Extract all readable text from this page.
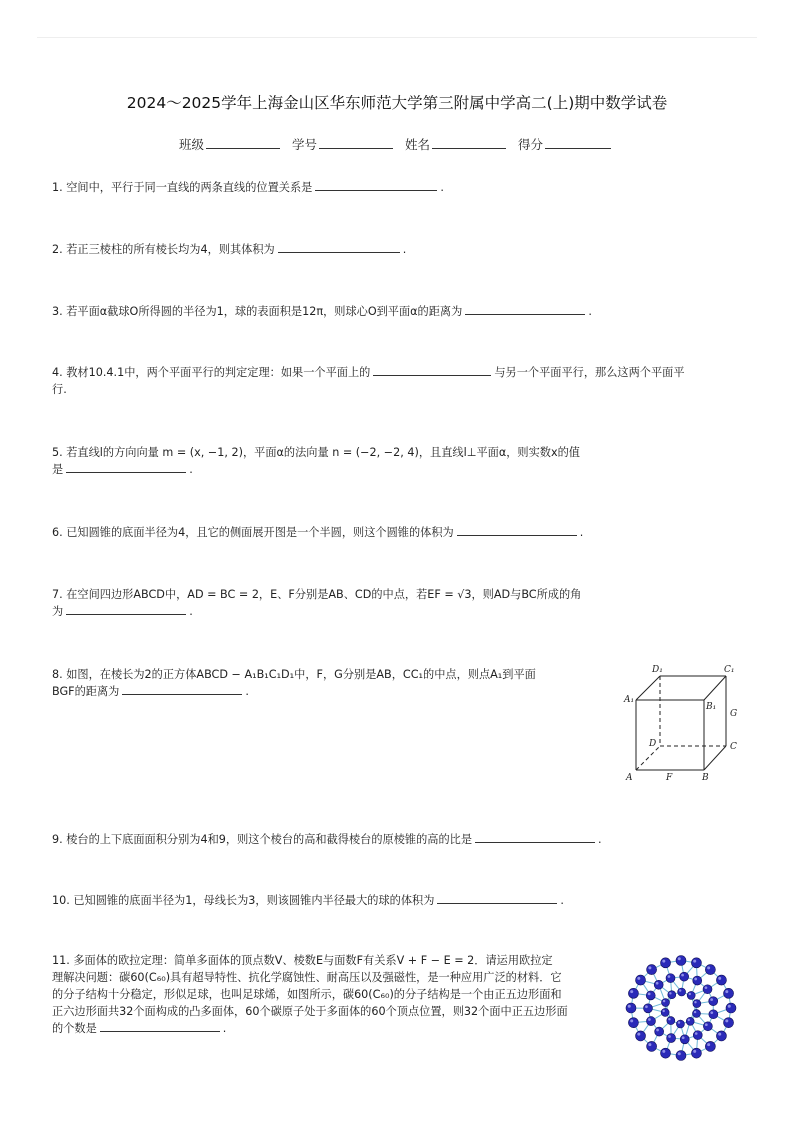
2024～2025学年上海金山区华东师范大学第三附属中学高二(上)期中数学试卷
班级	学号	姓名	得分
1. 空间中，平行于同一直线的两条直线的位置关系是	.
2. 若正三棱柱的所有棱长均为4，则其体积为	.
3. 若平面α截球O所得圆的半径为1，球的表面积是12π，则球心O到平面α的距离为	.
4. 教材10.4.1中，两个平面平行的判定定理：如果一个平面上的	与另一个平面平行，那么这两个平面平
行.
5. 若直线l的方向向量 m = (x, −1, 2)，平面α的法向量 n = (−2, −2, 4)，且直线l⊥平面α，则实数x的值
是	.
6. 已知圆锥的底面半径为4，且它的侧面展开图是一个半圆，则这个圆锥的体积为	.
7. 在空间四边形ABCD中，AD = BC = 2，E、F分别是AB、CD的中点，若EF = √3，则AD与BC所成的角
为	.
8. 如图，在棱长为2的正方体ABCD − A₁B₁C₁D₁中，F，G分别是AB，CC₁的中点，则点A₁到平面
BGF的距离为	.
A	B
C
D
A₁
B₁
C₁
D₁
F
G
9. 棱台的上下底面面积分别为4和9，则这个棱台的高和截得棱台的原棱锥的高的比是	.
10. 已知圆锥的底面半径为1，母线长为3，则该圆锥内半径最大的球的体积为	.
11. 多面体的欧拉定理：简单多面体的顶点数V、棱数E与面数F有关系V + F − E = 2．请运用欧拉定
理解决问题：碳60(C₆₀)具有超导特性、抗化学腐蚀性、耐高压以及强磁性，是一种应用广泛的材料．它
的分子结构十分稳定，形似足球，也叫足球烯，如图所示，碳60(C₆₀)的分子结构是一个由正五边形面和
正六边形面共32个面构成的凸多面体，60个碳原子处于多面体的60个顶点位置，则32个面中正五边形面
的个数是	.
